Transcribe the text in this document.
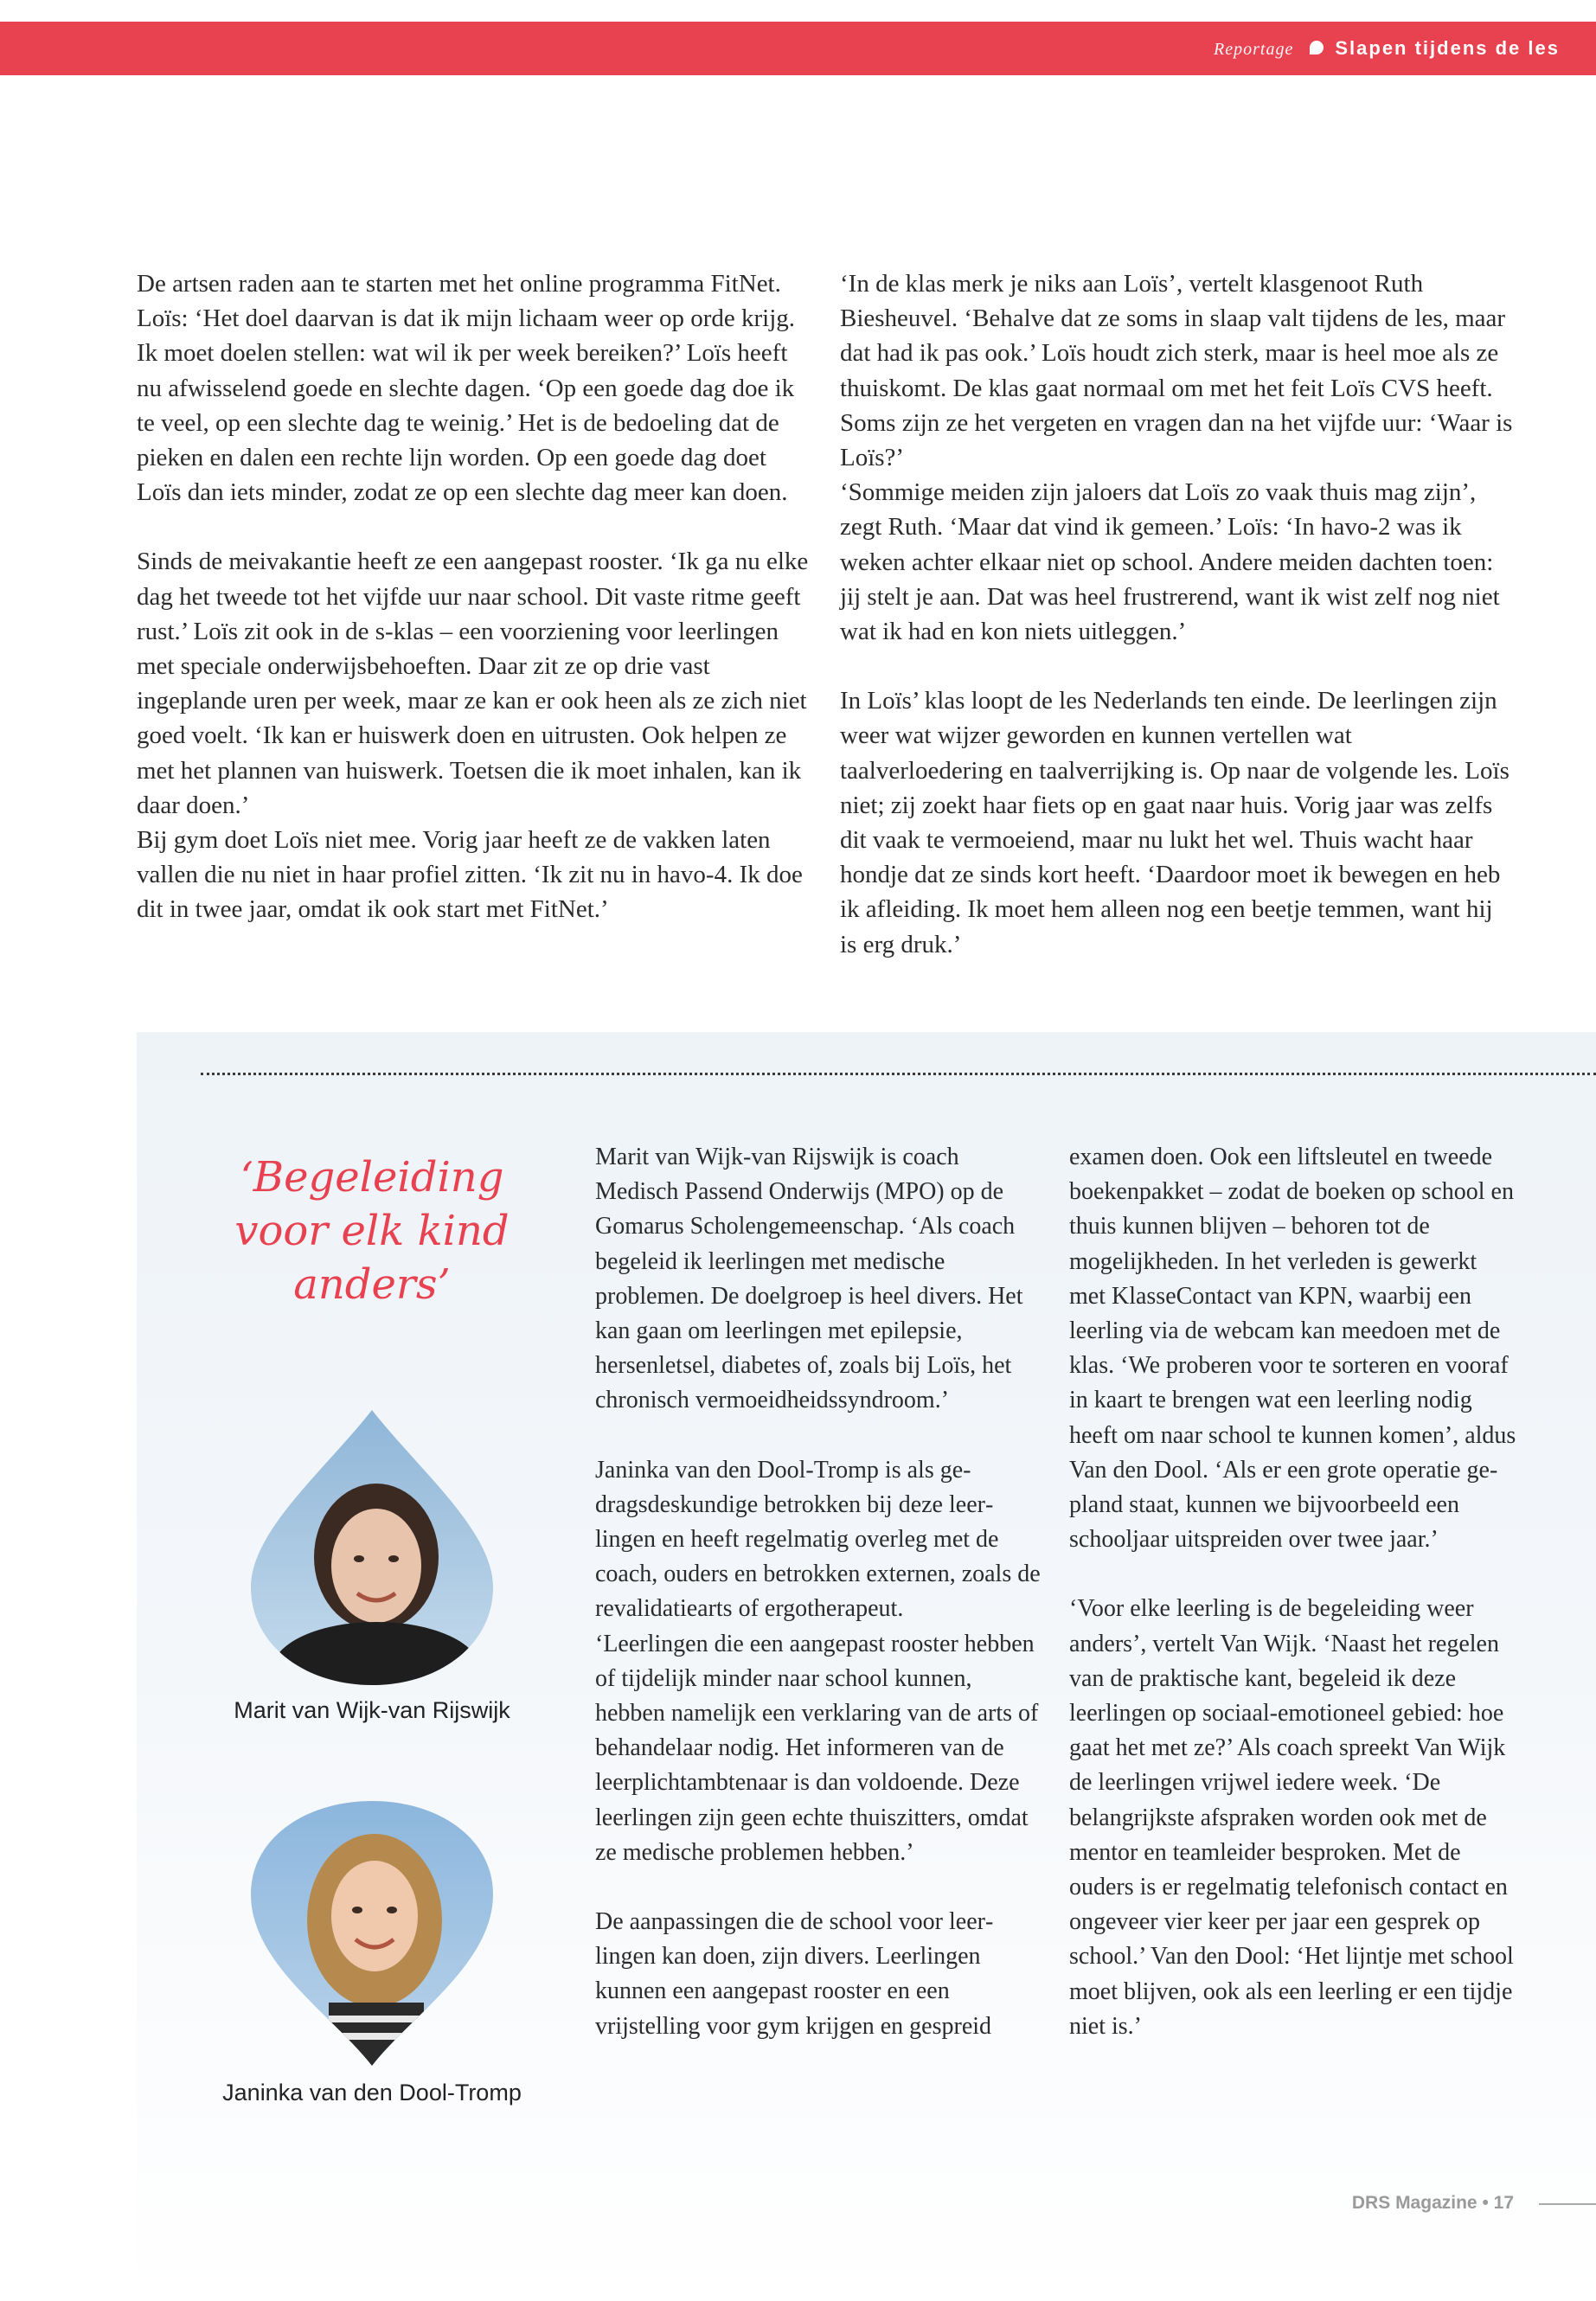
Reportage Slapen tijdens de les

De artsen raden aan te starten met het online programma FitNet. Loïs: ‘Het doel daarvan is dat ik mijn lichaam weer op orde krijg. Ik moet doelen stellen: wat wil ik per week bereiken?’ Loïs heeft nu afwisselend goede en slechte dagen. ‘Op een goede dag doe ik te veel, op een slechte dag te weinig.’ Het is de bedoeling dat de pieken en dalen een rechte lijn worden. Op een goede dag doet Loïs dan iets minder, zodat ze op een slechte dag meer kan doen.

Sinds de meivakantie heeft ze een aangepast rooster. ‘Ik ga nu elke dag het tweede tot het vijfde uur naar school. Dit vaste ritme geeft rust.’ Loïs zit ook in de s-klas – een voorziening voor leerlingen met speciale onderwijsbehoeften. Daar zit ze op drie vast ingeplande uren per week, maar ze kan er ook heen als ze zich niet goed voelt. ‘Ik kan er huiswerk doen en uitrusten. Ook helpen ze met het plannen van huiswerk. Toetsen die ik moet inhalen, kan ik daar doen.’

Bij gym doet Loïs niet mee. Vorig jaar heeft ze de vakken laten vallen die nu niet in haar profiel zitten. ‘Ik zit nu in havo-4. Ik doe dit in twee jaar, omdat ik ook start met FitNet.’

‘In de klas merk je niks aan Loïs’, vertelt klasgenoot Ruth Biesheuvel. ‘Behalve dat ze soms in slaap valt tijdens de les, maar dat had ik pas ook.’ Loïs houdt zich sterk, maar is heel moe als ze thuiskomt. De klas gaat normaal om met het feit Loïs CVS heeft. Soms zijn ze het vergeten en vragen dan na het vijfde uur: ‘Waar is Loïs?’

‘Sommige meiden zijn jaloers dat Loïs zo vaak thuis mag zijn’, zegt Ruth. ‘Maar dat vind ik gemeen.’ Loïs: ‘In havo-2 was ik weken achter elkaar niet op school. Andere meiden dachten toen: jij stelt je aan. Dat was heel frustrerend, want ik wist zelf nog niet wat ik had en kon niets uitleggen.’

In Loïs’ klas loopt de les Nederlands ten einde. De leerlingen zijn weer wat wijzer geworden en kunnen vertellen wat taalverloedering en taalverrijking is. Op naar de volgende les. Loïs niet; zij zoekt haar fiets op en gaat naar huis. Vorig jaar was zelfs dit vaak te vermoeiend, maar nu lukt het wel. Thuis wacht haar hondje dat ze sinds kort heeft. ‘Daardoor moet ik bewegen en heb ik afleiding. Ik moet hem alleen nog een beetje temmen, want hij is erg druk.’

‘Begeleiding voor elk kind anders’
Marit van Wijk-van Rijswijk
Janinka van den Dool-Tromp

Marit van Wijk-van Rijswijk is coach Medisch Passend Onderwijs (MPO) op de Gomarus Scholengemeenschap. ‘Als coach begeleid ik leerlingen met medische problemen. De doelgroep is heel divers. Het kan gaan om leerlingen met epilepsie, hersenletsel, diabetes of, zoals bij Loïs, het chronisch vermoeidheidssyndroom.’

Janinka van den Dool-Tromp is als gedragsdeskundige betrokken bij deze leerlingen en heeft regelmatig overleg met de coach, ouders en betrokken externen, zoals de revalidatiearts of ergotherapeut.

‘Leerlingen die een aangepast rooster hebben of tijdelijk minder naar school kunnen, hebben namelijk een verklaring van de arts of behandelaar nodig. Het informeren van de leerplichtambtenaar is dan voldoende. Deze leerlingen zijn geen echte thuiszitters, omdat ze medische problemen hebben.’

De aanpassingen die de school voor leerlingen kan doen, zijn divers. Leerlingen kunnen een aangepast rooster en een vrijstelling voor gym krijgen en gespreid

examen doen. Ook een liftsleutel en tweede boekenpakket – zodat de boeken op school en thuis kunnen blijven – behoren tot de mogelijkheden. In het verleden is gewerkt met KlasseContact van KPN, waarbij een leerling via de webcam kan meedoen met de klas. ‘We proberen voor te sorteren en vooraf in kaart te brengen wat een leerling nodig heeft om naar school te kunnen komen’, aldus Van den Dool. ‘Als er een grote operatie gepland staat, kunnen we bijvoorbeeld een schooljaar uitspreiden over twee jaar.’

‘Voor elke leerling is de begeleiding weer anders’, vertelt Van Wijk. ‘Naast het regelen van de praktische kant, begeleid ik deze leerlingen op sociaal-emotioneel gebied: hoe gaat het met ze?’ Als coach spreekt Van Wijk de leerlingen vrijwel iedere week. ‘De belangrijkste afspraken worden ook met de mentor en teamleider besproken. Met de ouders is er regelmatig telefonisch contact en ongeveer vier keer per jaar een gesprek op school.’ Van den Dool: ‘Het lijntje met school moet blijven, ook als een leerling er een tijdje niet is.’

DRS Magazine • 17
